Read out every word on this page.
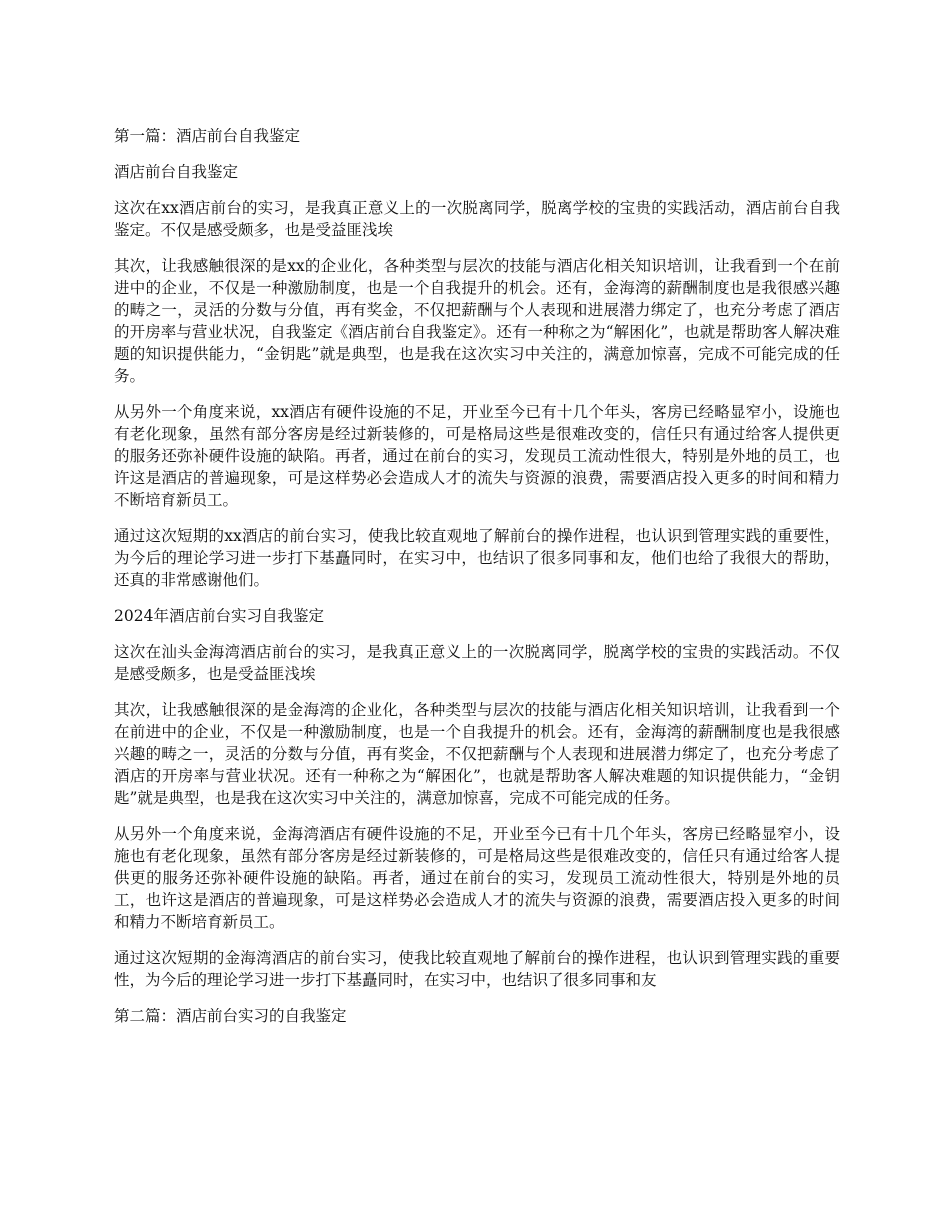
第一篇：酒店前台自我鉴定

酒店前台自我鉴定

这次在xx酒店前台的实习，是我真正意义上的一次脱离同学，脱离学校的宝贵的实践活动，酒店前台自我鉴定。不仅是感受颇多，也是受益匪浅埃

其次，让我感触很深的是xx的企业化，各种类型与层次的技能与酒店化相关知识培训，让我看到一个在前进中的企业，不仅是一种激励制度，也是一个自我提升的机会。还有，金海湾的薪酬制度也是我很感兴趣的畴之一，灵活的分数与分值，再有奖金，不仅把薪酬与个人表现和进展潜力绑定了，也充分考虑了酒店的开房率与营业状况，自我鉴定《酒店前台自我鉴定》。还有一种称之为“解困化”，也就是帮助客人解决难题的知识提供能力，“金钥匙”就是典型，也是我在这次实习中关注的，满意加惊喜，完成不可能完成的任务。

从另外一个角度来说，xx酒店有硬件设施的不足，开业至今已有十几个年头，客房已经略显窄小，设施也有老化现象，虽然有部分客房是经过新装修的，可是格局这些是很难改变的，信任只有通过给客人提供更的服务还弥补硬件设施的缺陷。再者，通过在前台的实习，发现员工流动性很大，特别是外地的员工，也许这是酒店的普遍现象，可是这样势必会造成人才的流失与资源的浪费，需要酒店投入更多的时间和精力不断培育新员工。

通过这次短期的xx酒店的前台实习，使我比较直观地了解前台的操作进程，也认识到管理实践的重要性，为今后的理论学习进一步打下基矗同时，在实习中，也结识了很多同事和友，他们也给了我很大的帮助，还真的非常感谢他们。

2024年酒店前台实习自我鉴定

这次在汕头金海湾酒店前台的实习，是我真正意义上的一次脱离同学，脱离学校的宝贵的实践活动。不仅是感受颇多，也是受益匪浅埃

其次，让我感触很深的是金海湾的企业化，各种类型与层次的技能与酒店化相关知识培训，让我看到一个在前进中的企业，不仅是一种激励制度，也是一个自我提升的机会。还有，金海湾的薪酬制度也是我很感兴趣的畴之一，灵活的分数与分值，再有奖金，不仅把薪酬与个人表现和进展潜力绑定了，也充分考虑了酒店的开房率与营业状况。还有一种称之为“解困化”，也就是帮助客人解决难题的知识提供能力，“金钥匙”就是典型，也是我在这次实习中关注的，满意加惊喜，完成不可能完成的任务。

从另外一个角度来说，金海湾酒店有硬件设施的不足，开业至今已有十几个年头，客房已经略显窄小，设施也有老化现象，虽然有部分客房是经过新装修的，可是格局这些是很难改变的，信任只有通过给客人提供更的服务还弥补硬件设施的缺陷。再者，通过在前台的实习，发现员工流动性很大，特别是外地的员工，也许这是酒店的普遍现象，可是这样势必会造成人才的流失与资源的浪费，需要酒店投入更多的时间和精力不断培育新员工。

通过这次短期的金海湾酒店的前台实习，使我比较直观地了解前台的操作进程，也认识到管理实践的重要性，为今后的理论学习进一步打下基矗同时，在实习中，也结识了很多同事和友

第二篇：酒店前台实习的自我鉴定
